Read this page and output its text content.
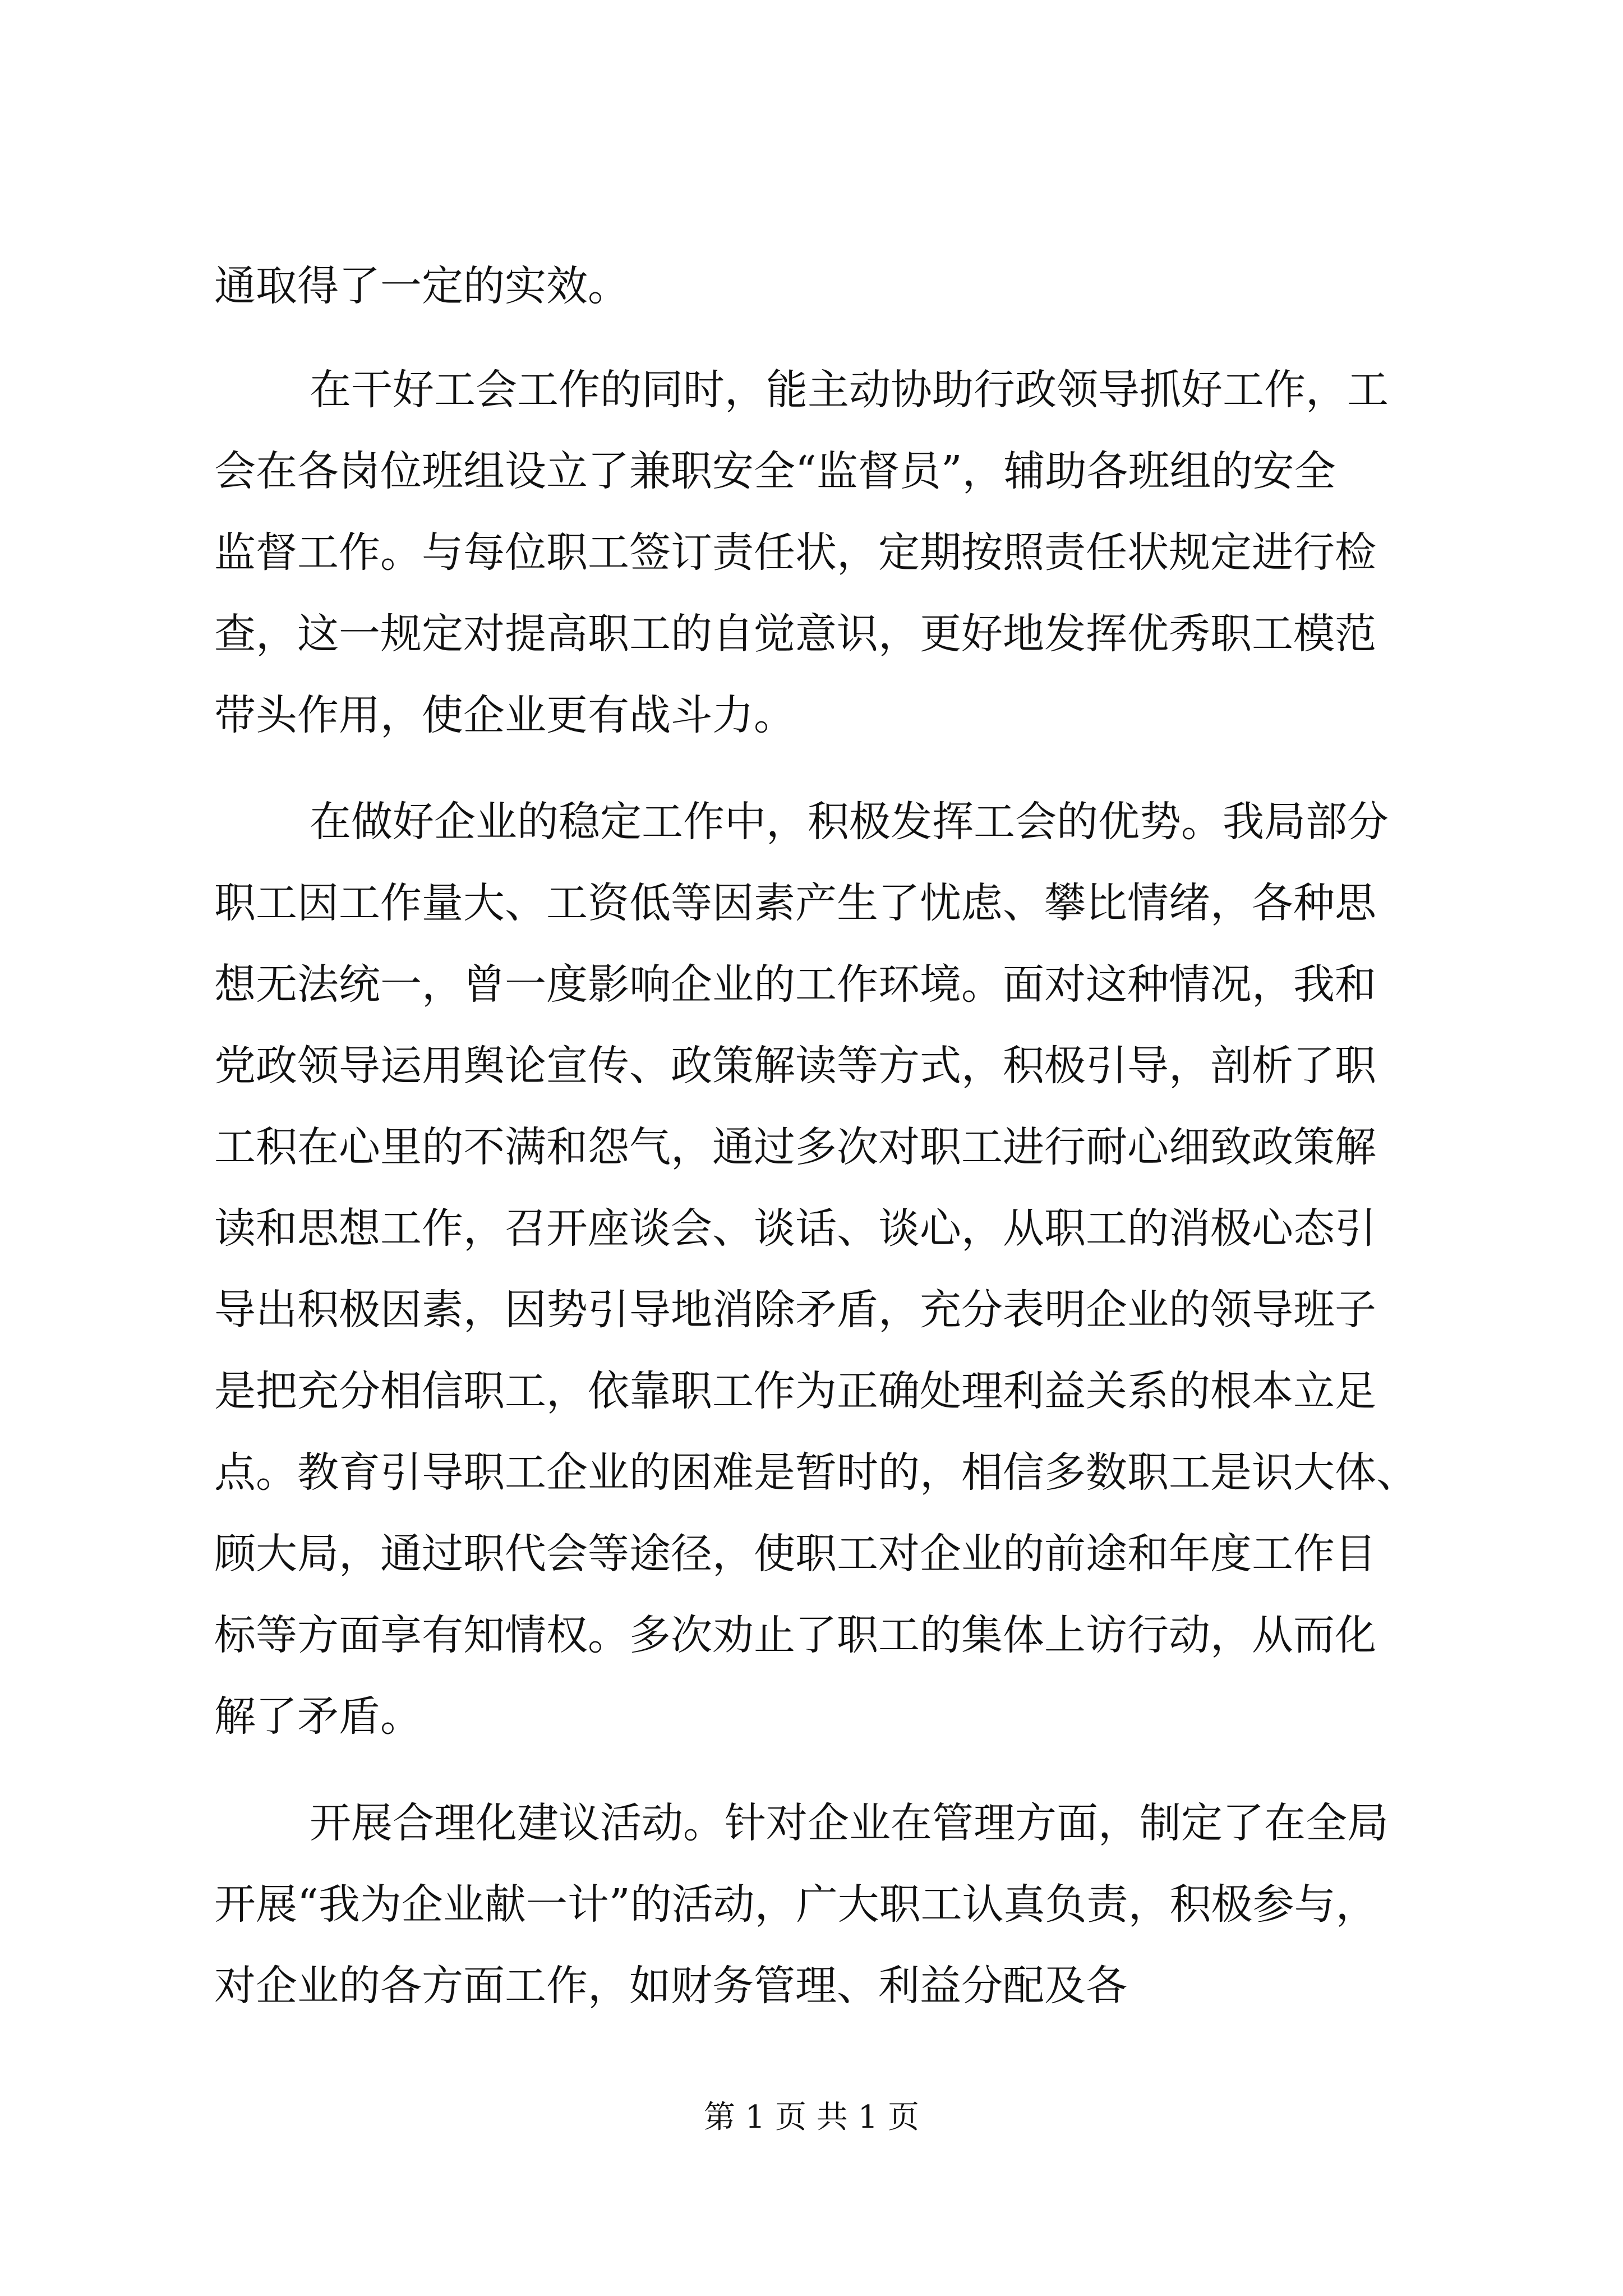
通取得了一定的实效。
在干好工会工作的同时，能主动协助行政领导抓好工作，工
会在各岗位班组设立了兼职安全“监督员”，辅助各班组的安全
监督工作。与每位职工签订责任状，定期按照责任状规定进行检
查，这一规定对提高职工的自觉意识，更好地发挥优秀职工模范
带头作用，使企业更有战斗力。
在做好企业的稳定工作中，积极发挥工会的优势。我局部分
职工因工作量大、工资低等因素产生了忧虑、攀比情绪，各种思
想无法统一，曾一度影响企业的工作环境。面对这种情况，我和
党政领导运用舆论宣传、政策解读等方式，积极引导，剖析了职
工积在心里的不满和怨气，通过多次对职工进行耐心细致政策解
读和思想工作，召开座谈会、谈话、谈心，从职工的消极心态引
导出积极因素，因势引导地消除矛盾，充分表明企业的领导班子
是把充分相信职工，依靠职工作为正确处理利益关系的根本立足
点。教育引导职工企业的困难是暂时的，相信多数职工是识大体、
顾大局，通过职代会等途径，使职工对企业的前途和年度工作目
标等方面享有知情权。多次劝止了职工的集体上访行动，从而化
解了矛盾。
开展合理化建议活动。针对企业在管理方面，制定了在全局
开展“我为企业献一计”的活动，广大职工认真负责，积极参与，
对企业的各方面工作，如财务管理、利益分配及各
第 1 页 共 1 页
